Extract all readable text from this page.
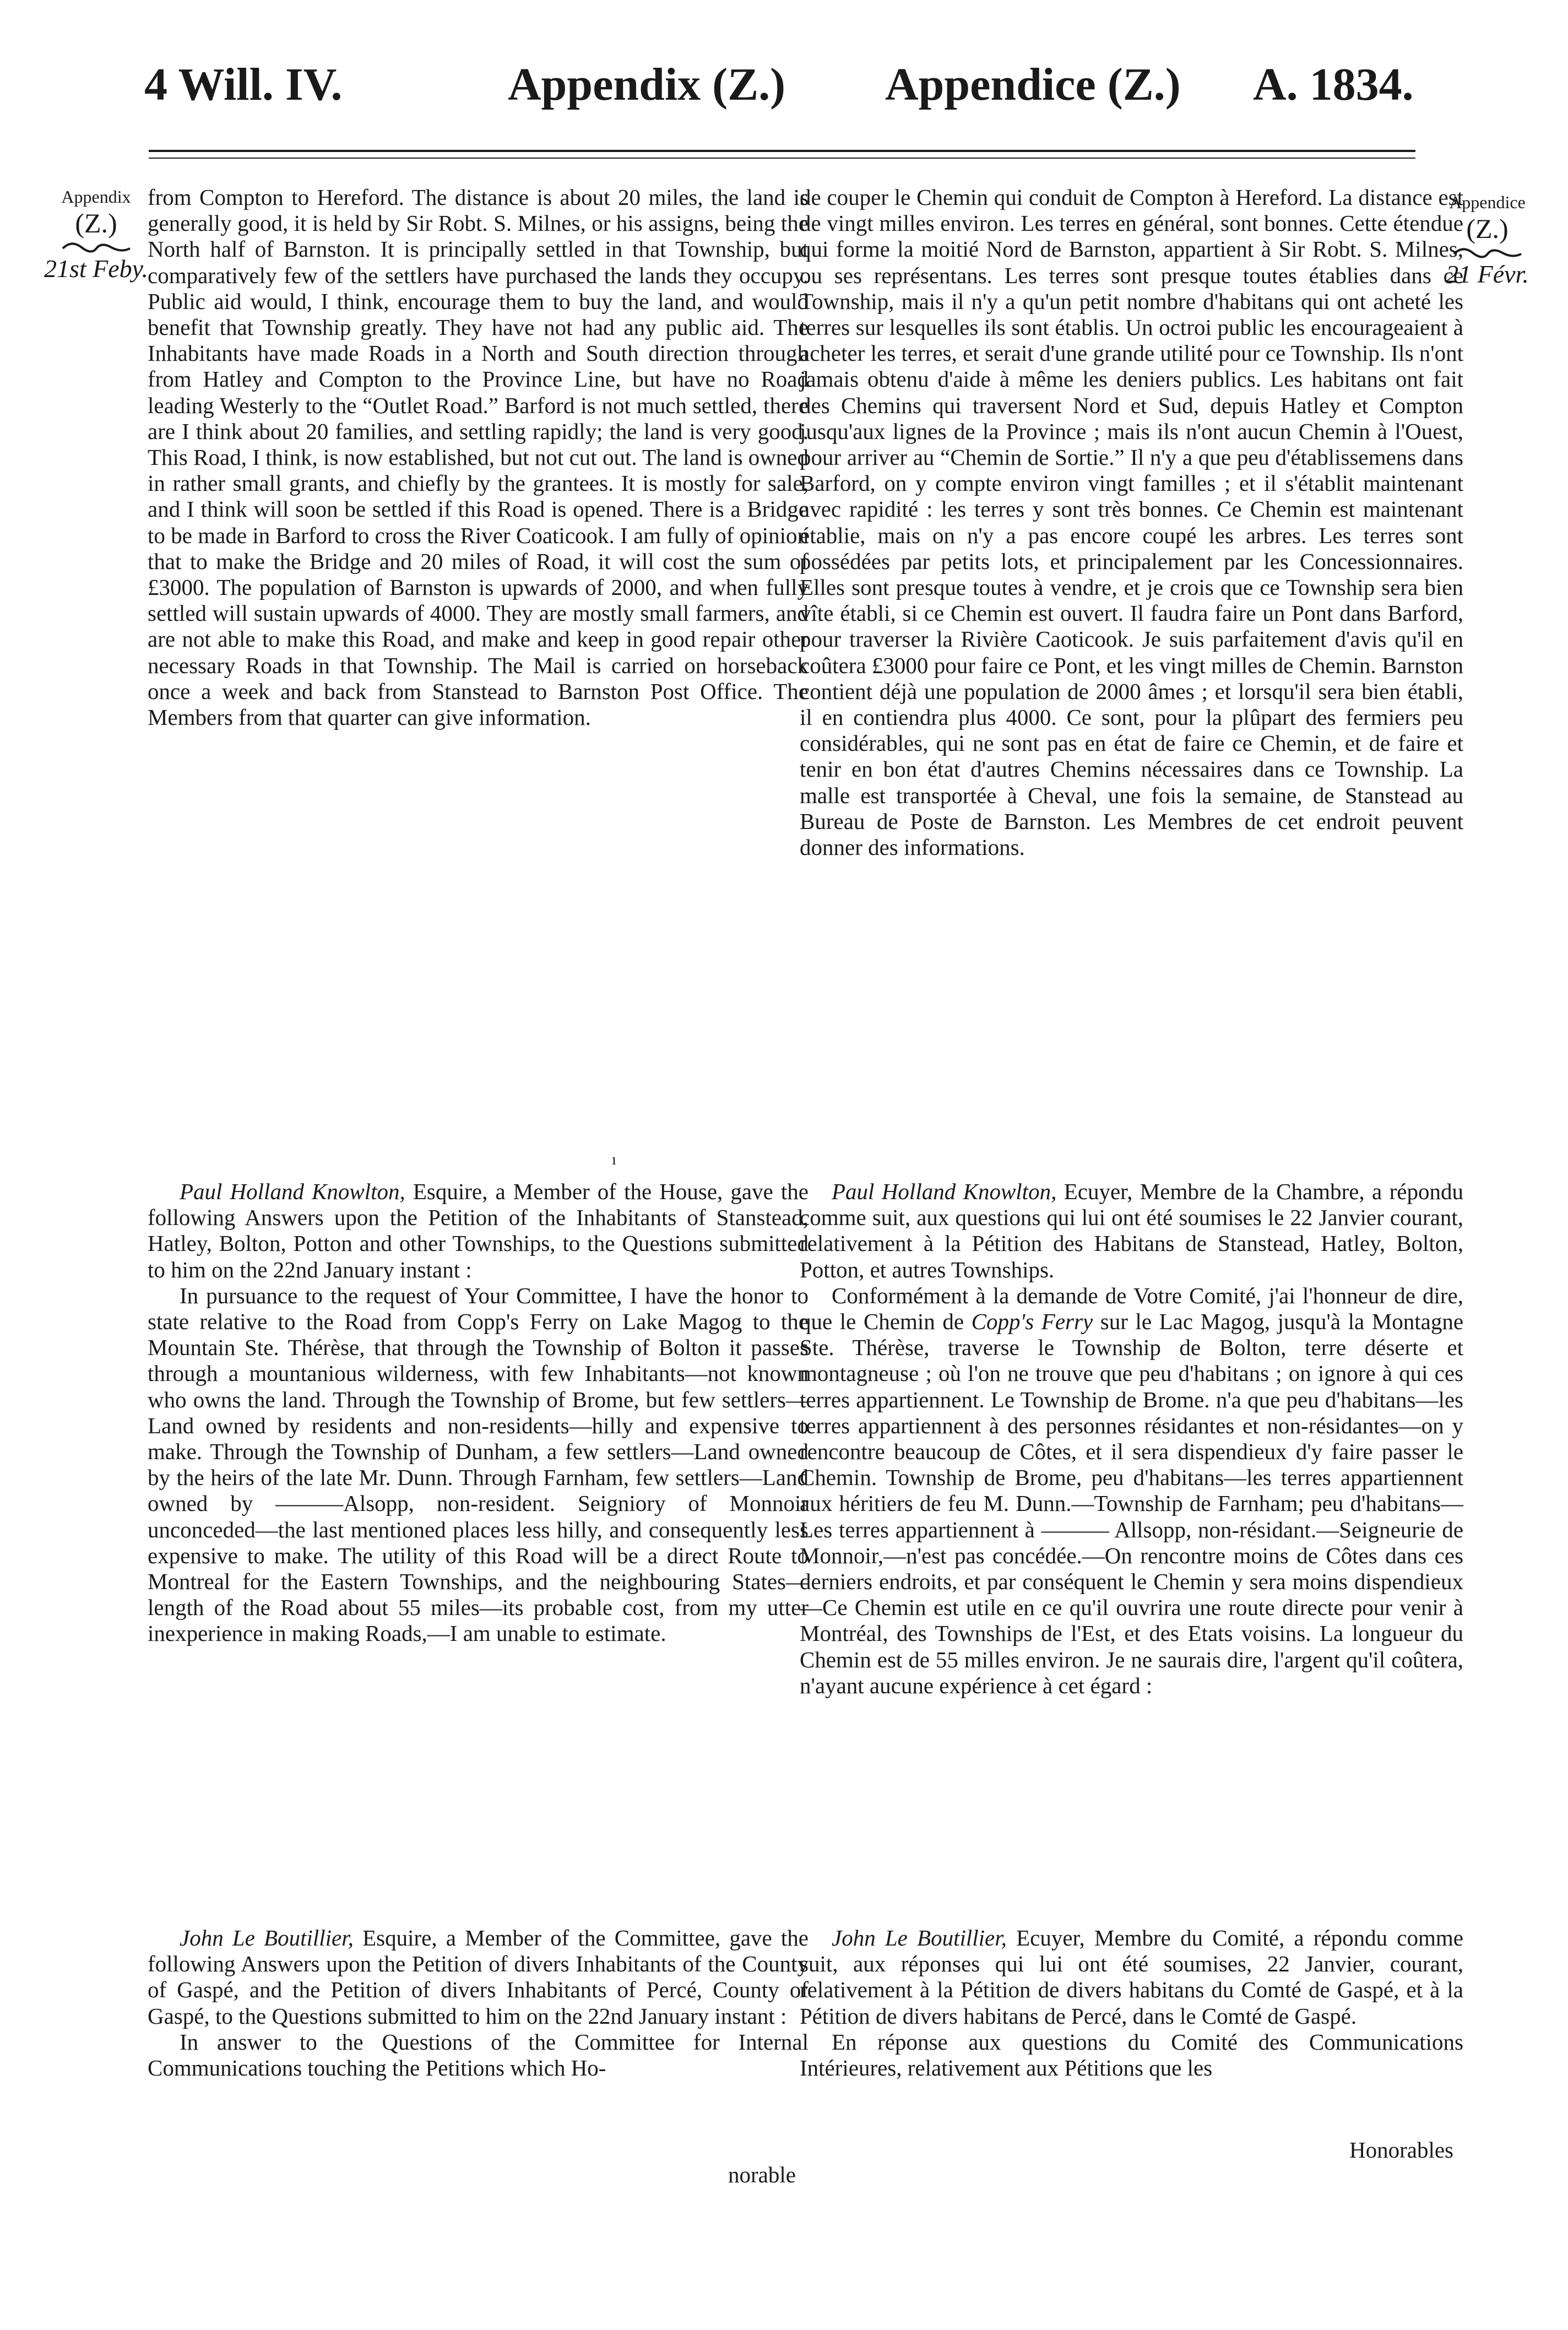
4 Will. IV.	Appendix (Z.) Appendice (Z.) A. 1834.
Appendix
(Z.)
21st Feby.
Appendice
(Z.)
21 Févr.

from Compton to Hereford. The distance is about 20 miles, the land is generally good, it is held by Sir Robt. S. Milnes, or his assigns, being the North half of Barnston. It is principally settled in that Township, but comparatively few of the settlers have purchased the lands they occupy. Public aid would, I think, encourage them to buy the land, and would benefit that Township greatly. They have not had any public aid. The Inhabitants have made Roads in a North and South direction through from Hatley and Compton to the Province Line, but have no Road leading Westerly to the “Outlet Road.” Barford is not much settled, there are I think about 20 families, and settling rapidly; the land is very good. This Road, I think, is now established, but not cut out. The land is owned in rather small grants, and chiefly by the grantees. It is mostly for sale, and I think will soon be settled if this Road is opened. There is a Bridge to be made in Barford to cross the River Coaticook. I am fully of opinion that to make the Bridge and 20 miles of Road, it will cost the sum of £3000. The population of Barnston is upwards of 2000, and when fully settled will sustain upwards of 4000. They are mostly small farmers, and are not able to make this Road, and make and keep in good repair other necessary Roads in that Township. The Mail is carried on horseback once a week and back from Stanstead to Barnston Post Office. The Members from that quarter can give information.

ı

Paul Holland Knowlton, Esquire, a Member of the House, gave the following Answers upon the Petition of the Inhabitants of Stanstead, Hatley, Bolton, Potton and other Townships, to the Questions submitted to him on the 22nd January instant :

In pursuance to the request of Your Committee, I have the honor to state relative to the Road from Copp's Ferry on Lake Magog to the Mountain Ste. Thérèse, that through the Township of Bolton it passes through a mountanious wilderness, with few Inhabitants—not known who owns the land. Through the Township of Brome, but few settlers—Land owned by residents and non-residents—hilly and expensive to make. Through the Township of Dunham, a few settlers—Land owned by the heirs of the late Mr. Dunn. Through Farnham, few settlers—Land owned by ———Alsopp, non-resident. Seigniory of Monnoir unconceded—the last mentioned places less hilly, and consequently less expensive to make. The utility of this Road will be a direct Route to Montreal for the Eastern Townships, and the neighbouring States—length of the Road about 55 miles—its probable cost, from my utter inexperience in making Roads,—I am unable to estimate.

John Le Boutillier, Esquire, a Member of the Committee, gave the following Answers upon the Petition of divers Inhabitants of the County of Gaspé, and the Petition of divers Inhabitants of Percé, County of Gaspé, to the Questions submitted to him on the 22nd January instant :

In answer to the Questions of the Committee for Internal Communications touching the Petitions which Ho-

norable

de couper le Chemin qui conduit de Compton à Hereford. La distance est de vingt milles environ. Les terres en général, sont bonnes. Cette étendue qui forme la moitié Nord de Barnston, appartient à Sir Robt. S. Milnes, ou ses représentans. Les terres sont presque toutes établies dans ce Township, mais il n'y a qu'un petit nombre d'habitans qui ont acheté les terres sur lesquelles ils sont établis. Un octroi public les encourageaient à acheter les terres, et serait d'une grande utilité pour ce Township. Ils n'ont jamais obtenu d'aide à même les deniers publics. Les habitans ont fait des Chemins qui traversent Nord et Sud, depuis Hatley et Compton jusqu'aux lignes de la Province ; mais ils n'ont aucun Chemin à l'Ouest, pour arriver au “Chemin de Sortie.” Il n'y a que peu d'établissemens dans Barford, on y compte environ vingt familles ; et il s'établit maintenant avec rapidité : les terres y sont très bonnes. Ce Chemin est maintenant établie, mais on n'y a pas encore coupé les arbres. Les terres sont possédées par petits lots, et principalement par les Concessionnaires. Elles sont presque toutes à vendre, et je crois que ce Township sera bien vîte établi, si ce Chemin est ouvert. Il faudra faire un Pont dans Barford, pour traverser la Rivière Caoticook. Je suis parfaitement d'avis qu'il en coûtera £3000 pour faire ce Pont, et les vingt milles de Chemin. Barnston contient déjà une population de 2000 âmes ; et lorsqu'il sera bien établi, il en contiendra plus 4000. Ce sont, pour la plûpart des fermiers peu considérables, qui ne sont pas en état de faire ce Chemin, et de faire et tenir en bon état d'autres Chemins nécessaires dans ce Township. La malle est transportée à Cheval, une fois la semaine, de Stanstead au Bureau de Poste de Barnston. Les Membres de cet endroit peuvent donner des informations.

Paul Holland Knowlton, Ecuyer, Membre de la Chambre, a répondu comme suit, aux questions qui lui ont été soumises le 22 Janvier courant, relativement à la Pétition des Habitans de Stanstead, Hatley, Bolton, Potton, et autres Townships.

Conformément à la demande de Votre Comité, j'ai l'honneur de dire, que le Chemin de Copp's Ferry sur le Lac Magog, jusqu'à la Montagne Ste. Thérèse, traverse le Township de Bolton, terre déserte et montagneuse ; où l'on ne trouve que peu d'habitans ; on ignore à qui ces terres appartiennent. Le Township de Brome. n'a que peu d'habitans—les terres appartiennent à des personnes résidantes et non-résidantes—on y rencontre beaucoup de Côtes, et il sera dispendieux d'y faire passer le Chemin. Township de Brome, peu d'habitans—les terres appartiennent aux héritiers de feu M. Dunn.—Township de Farnham; peu d'habitans—Les terres appartiennent à ——— Allsopp, non-résidant.—Seigneurie de Monnoir,—n'est pas concédée.—On rencontre moins de Côtes dans ces derniers endroits, et par conséquent le Chemin y sera moins dispendieux —Ce Chemin est utile en ce qu'il ouvrira une route directe pour venir à Montréal, des Townships de l'Est, et des Etats voisins. La longueur du Chemin est de 55 milles environ. Je ne saurais dire, l'argent qu'il coûtera, n'ayant aucune expérience à cet égard :

John Le Boutillier, Ecuyer, Membre du Comité, a répondu comme suit, aux réponses qui lui ont été soumises, 22 Janvier, courant, relativement à la Pétition de divers habitans du Comté de Gaspé, et à la Pétition de divers habitans de Percé, dans le Comté de Gaspé.

En réponse aux questions du Comité des Communications Intérieures, relativement aux Pétitions que les

Honorables
